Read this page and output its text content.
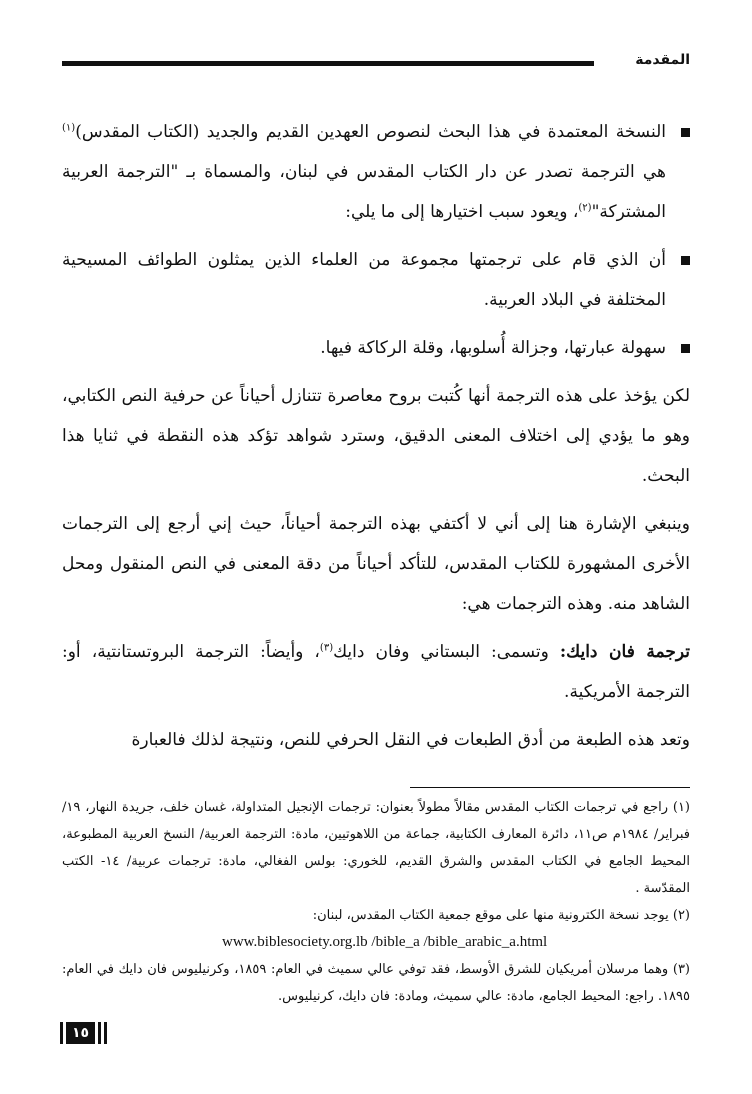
المقدمة
النسخة المعتمدة في هذا البحث لنصوص العهدين القديم والجديد (الكتاب المقدس)$^{(١)}$ هي الترجمة تصدر عن دار الكتاب المقدس في لبنان، والمسماة بـ "الترجمة العربية المشتركة"$^{(٢)}$، ويعود سبب اختيارها إلى ما يلي:
أن الذي قام على ترجمتها مجموعة من العلماء الذين يمثلون الطوائف المسيحية المختلفة في البلاد العربية.
سهولة عبارتها، وجزالة أُسلوبها، وقلة الركاكة فيها.

لكن يؤخذ على هذه الترجمة أنها كُتبت بروح معاصرة تتنازل أحياناً عن حرفية النص الكتابي، وهو ما يؤدي إلى اختلاف المعنى الدقيق، وسترد شواهد تؤكد هذه النقطة في ثنايا هذا البحث.

وينبغي الإشارة هنا إلى أني لا أكتفي بهذه الترجمة أحياناً، حيث إني أرجع إلى الترجمات الأخرى المشهورة للكتاب المقدس، للتأكد أحياناً من دقة المعنى في النص المنقول ومحل الشاهد منه. وهذه الترجمات هي:

ترجمة فان دايك: وتسمى: البستاني وفان دايك$^{(٣)}$، وأيضاً: الترجمة البروتستانتية، أو: الترجمة الأمريكية.

وتعد هذه الطبعة من أدق الطبعات في النقل الحرفي للنص، ونتيجة لذلك فالعبارة

(١) راجع في ترجمات الكتاب المقدس مقالاً مطولاً بعنوان: ترجمات الإنجيل المتداولة، غسان خلف، جريدة النهار، ١٩/ فبراير/ ١٩٨٤م ص١١، دائرة المعارف الكتابية، جماعة من اللاهوتيين، مادة: الترجمة العربية/ النسخ العربية المطبوعة، المحيط الجامع في الكتاب المقدس والشرق القديم، للخوري: بولس الفغالي، مادة: ترجمات عربية/ ١٤- الكتب المقدّسة .

(٢) يوجد نسخة الكترونية منها على موقع جمعية الكتاب المقدس، لبنان:

www.biblesociety.org.lb /bible_a /bible_arabic_a.html

(٣) وهما مرسلان أمريكيان للشرق الأوسط، فقد توفي عالي سميث في العام: ١٨٥٩، وكرنيليوس فان دايك في العام: ١٨٩٥. راجع: المحيط الجامع، مادة: عالي سميث، ومادة: فان دايك، كرنيليوس.

١٥
